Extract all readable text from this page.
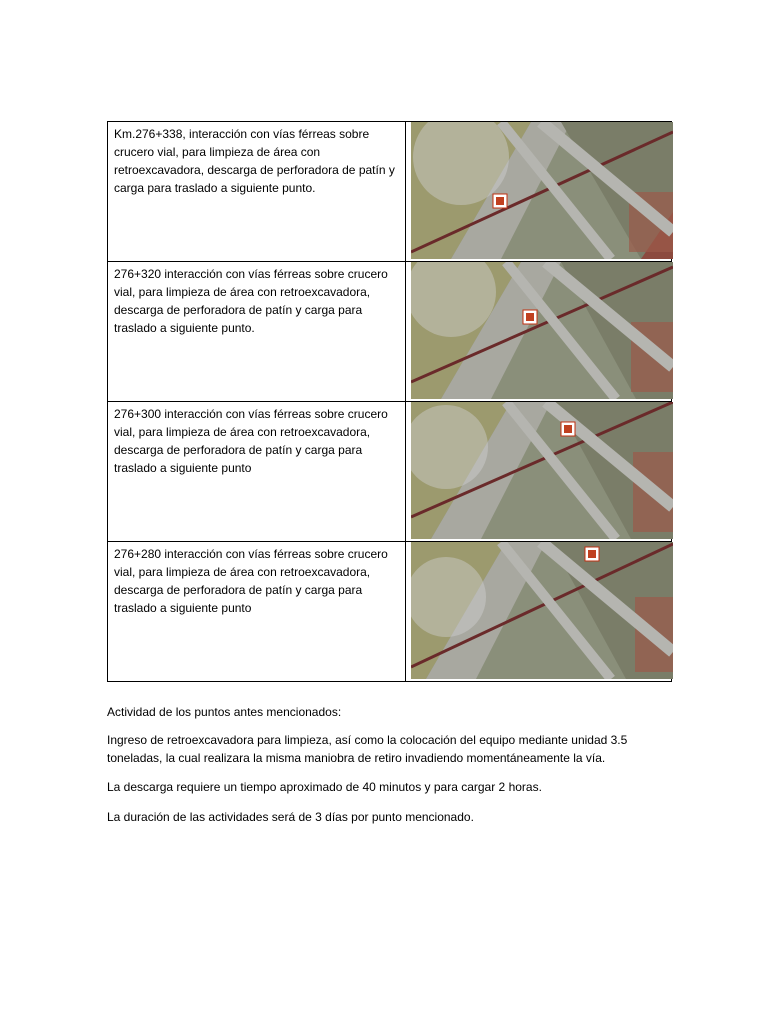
Km.276+338, interacción con vías férreas sobre crucero vial, para limpieza de área con retroexcavadora, descarga de perforadora de patín y carga para traslado a siguiente punto.	

276+320 interacción con vías férreas sobre crucero vial, para limpieza de área con retroexcavadora, descarga de perforadora de patín y carga para traslado a siguiente punto.	

276+300 interacción con vías férreas sobre crucero vial, para limpieza de área con retroexcavadora, descarga de perforadora de patín y carga para traslado a siguiente punto	

276+280 interacción con vías férreas sobre crucero vial, para limpieza de área con retroexcavadora, descarga de perforadora de patín y carga para traslado a siguiente punto	
Actividad de los puntos antes mencionados:
Ingreso de retroexcavadora para limpieza, así como la colocación del equipo mediante unidad 3.5 toneladas, la cual realizara la misma maniobra de retiro invadiendo momentáneamente la vía.
La descarga requiere un tiempo aproximado de 40 minutos y para cargar 2 horas.
La duración de las actividades será de 3 días por punto mencionado.
